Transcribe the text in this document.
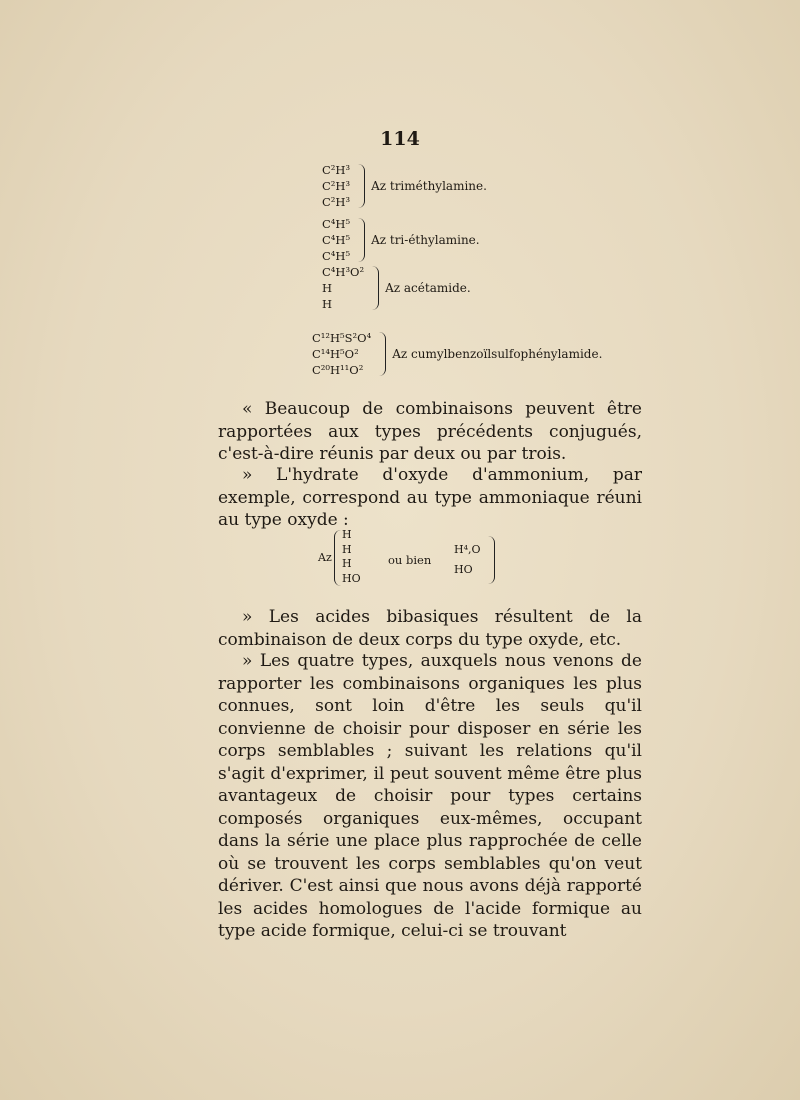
114
C²H³
C²H³
C²H³
Az triméthylamine.
C⁴H⁵
C⁴H⁵
C⁴H⁵
Az tri-éthylamine.
C⁴H³O²
H
H
Az acétamide.
C¹²H⁵S²O⁴
C¹⁴H⁵O²
C²⁰H¹¹O²
Az cumylbenzoïlsulfophénylamide.

« Beaucoup de combinaisons peuvent être rapportées aux types précédents conjugués, c'est-à-dire réunis par deux ou par trois.

» L'hydrate d'oxyde d'ammonium, par exemple, correspond au type ammoniaque réuni au type oxyde :

Az
H
H
H
HO
ou bien
H⁴,O
HO

» Les acides bibasiques résultent de la combinaison de deux corps du type oxyde, etc.

» Les quatre types, auxquels nous venons de rapporter les combinaisons organiques les plus connues, sont loin d'être les seuls qu'il convienne de choisir pour disposer en série les corps semblables ; suivant les relations qu'il s'agit d'exprimer, il peut souvent même être plus avantageux de choisir pour types certains composés organiques eux-mêmes, occupant dans la série une place plus rapprochée de celle où se trouvent les corps semblables qu'on veut dériver. C'est ainsi que nous avons déjà rapporté les acides homologues de l'acide formique au type acide formique, celui-ci se trouvant
